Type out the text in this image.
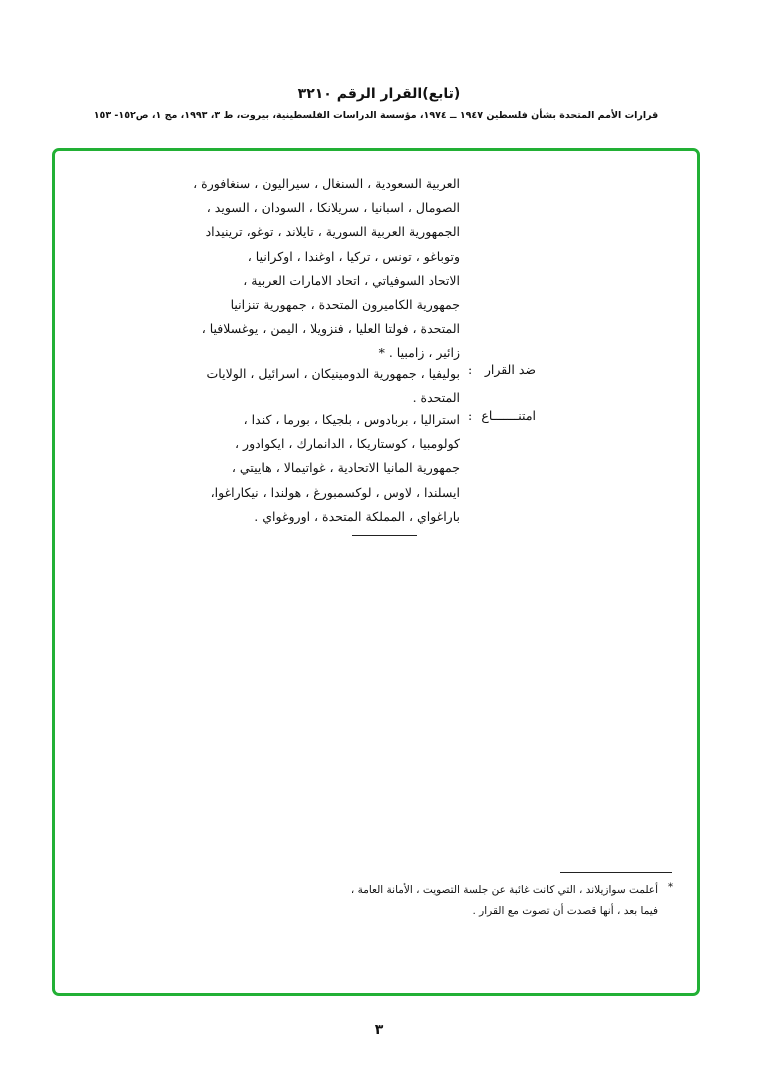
(تابع)القرار الرقم ٣٢١٠
قرارات الأمم المتحدة بشأن فلسطين ١٩٤٧ ــ ١٩٧٤، مؤسسة الدراسات الفلسطينية، بيروت، ط ٣، ١٩٩٣، مج ١، ص١٥٢- ١٥٣
العربية السعودية ، السنغال ، سيراليون ، سنغافورة ،
الصومال ، اسبانيا ، سريلانكا ، السودان ، السويد ،
الجمهورية العربية السورية ، تايلاند ، توغو، ترينيداد
وتوباغو ، تونس ، تركيا ، اوغندا ، اوكرانيا ،
الاتحاد السوفياتي ، اتحاد الامارات العربية ،
جمهورية الكاميرون المتحدة ، جمهورية تنزانيا
المتحدة ، فولتا العليا ، فنزويلا ، اليمن ، يوغسلافيا ،
زائير ، زامبيا . *
ضد القرار
:
بوليفيا ، جمهورية الدومينيكان ، اسرائيل ، الولايات
المتحدة .
امتنـــــــاع
:
استراليا ، بربادوس ، بلجيكا ، بورما ، كندا ،
كولومبيا ، كوستاريكا ، الدانمارك ، ايكوادور ،
جمهورية المانيا الاتحادية ، غواتيمالا ، هاييتي ،
ايسلندا ، لاوس ، لوكسمبورغ ، هولندا ، نيكاراغوا،
باراغواي ، المملكة المتحدة ، اوروغواي .
*
أعلمت سوازيلاند ، التي كانت غائبة عن جلسة التصويت ، الأمانة العامة ،
فيما بعد ، أنها قصدت أن تصوت مع القرار .
٣
